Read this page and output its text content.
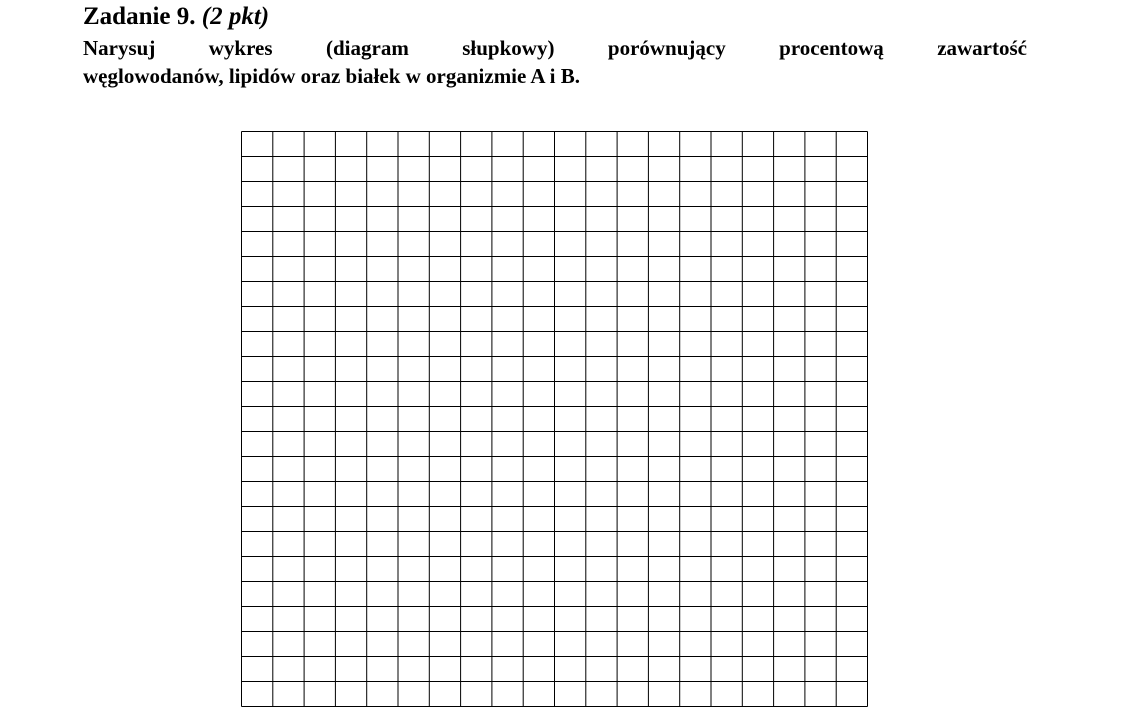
Zadanie 9. (2 pkt)

Narysuj wykres (diagram słupkowy) porównujący procentową zawartość
węglowodanów, lipidów oraz białek w organizmie A i B.
